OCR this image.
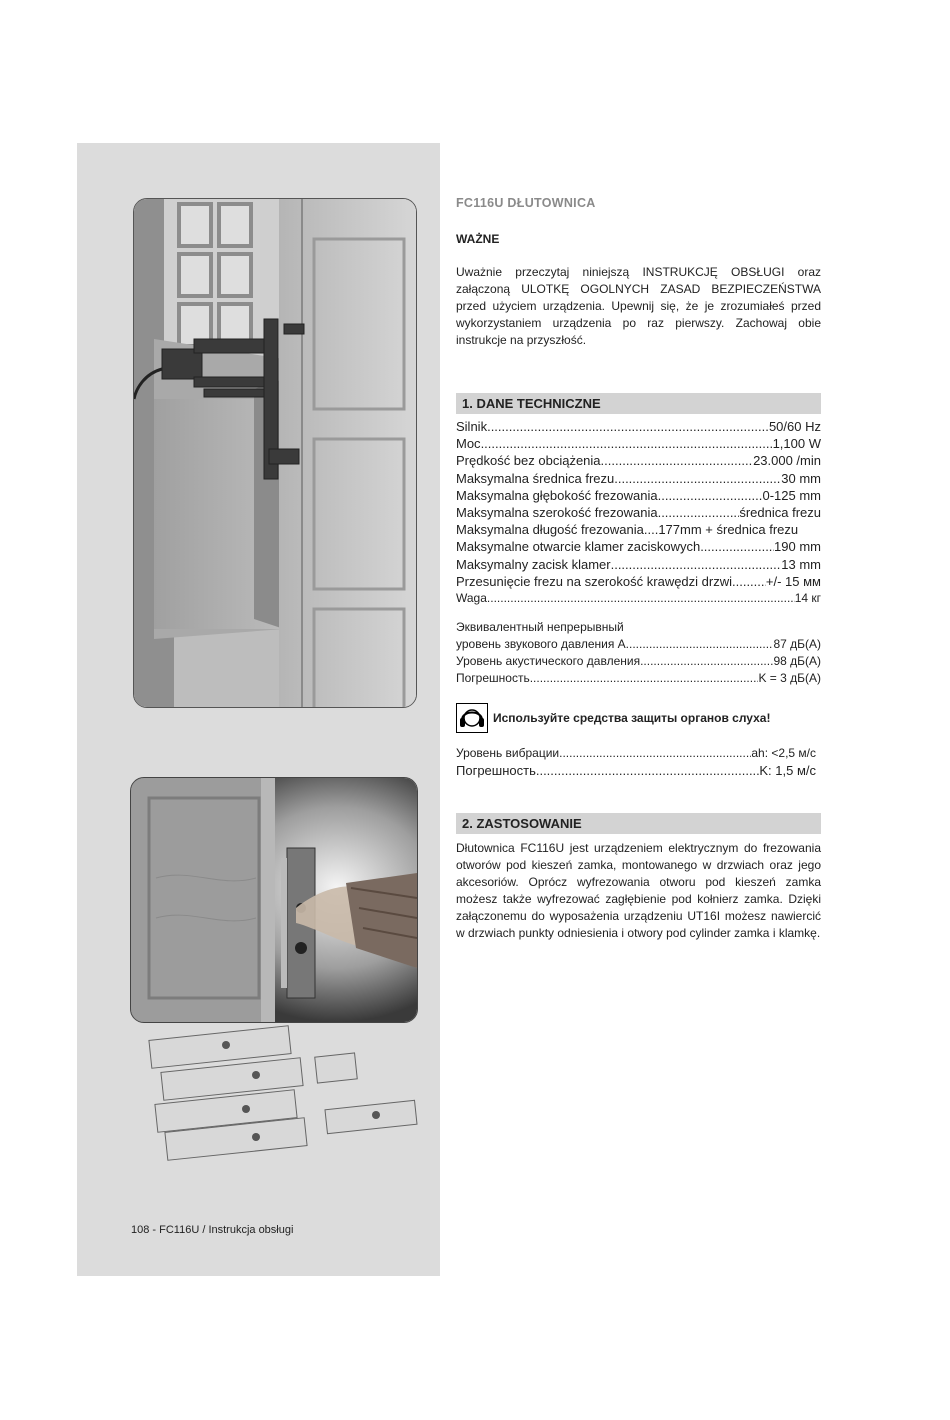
108 - FC116U / Instrukcja obsługi
FC116U DŁUTOWNICA
WAŻNE

Uważnie przeczytaj niniejszą INSTRUKCJĘ OBSŁUGI oraz załączoną ULOTKĘ OGOLNYCH ZASAD BEZPIECZEŃSTWA przed użyciem urządzenia. Upewnij się, że je zrozumiałeś przed wykorzystaniem urządzenia po raz pierwszy. Zachowaj obie instrukcje na przyszłość.

1. DANE TECHNICZNE
Silnik .....	50/60 Hz
Moc .....	1,100 W
Prędkość bez obciążenia .....	23.000 /min
Maksymalna średnica frezu .....	30 mm
Maksymalna głębokość frezowania .....	0-125 mm
Maksymalna szerokość frezowania .....	średnica frezu
Maksymalna długość frezowania ....177mm + średnica frezu
Maksymalne otwarcie klamer zaciskowych .....	190 mm
Maksymalny zacisk klamer .....	13 mm
Przesunięcie frezu na szerokość krawędzi drzwi .....	+/- 15 мм
Waga .....	14 кг
Эквивалентный непрерывный
уровень звукового давления A .....	87 дБ(А)
Уровень акустического давления .....	98 дБ(А)
Погрешность .....	K = 3 дБ(А)
Используйте средства защиты органов слуха!
Уровень вибрации .....	ah: <2,5 м/с
Погрешность .....	K: 1,5 м/с
2. ZASTOSOWANIE

Dłutownica FC116U jest urządzeniem elektrycznym do frezowania otworów pod kieszeń zamka, montowanego w drzwiach oraz jego akcesoriów. Oprócz wyfrezowania otworu pod kieszeń zamka możesz także wyfrezować zagłębienie pod kołnierz zamka. Dzięki załączonemu do wyposażenia urządzeniu UT16I możesz nawiercić w drzwiach punkty odniesienia i otwory pod cylinder zamka i klamkę.
